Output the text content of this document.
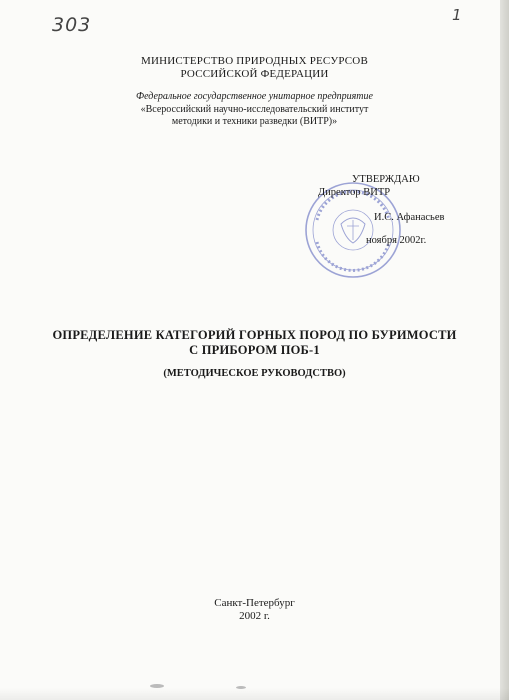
303	1
МИНИСТЕРСТВО ПРИРОДНЫХ РЕСУРСОВ
РОССИЙСКОЙ ФЕДЕРАЦИИ
Федеральное государственное унитарное предприятие
«Всероссийский научно-исследовательский институт
методики и техники разведки (ВИТР)»
УТВЕРЖДАЮ
Директор ВИТР
И.С. Афанасьев
ноября 2002г.
ОПРЕДЕЛЕНИЕ КАТЕГОРИЙ ГОРНЫХ ПОРОД ПО БУРИМОСТИ
С ПРИБОРОМ ПОБ-1
(МЕТОДИЧЕСКОЕ РУКОВОДСТВО)
Санкт-Петербург
2002 г.
